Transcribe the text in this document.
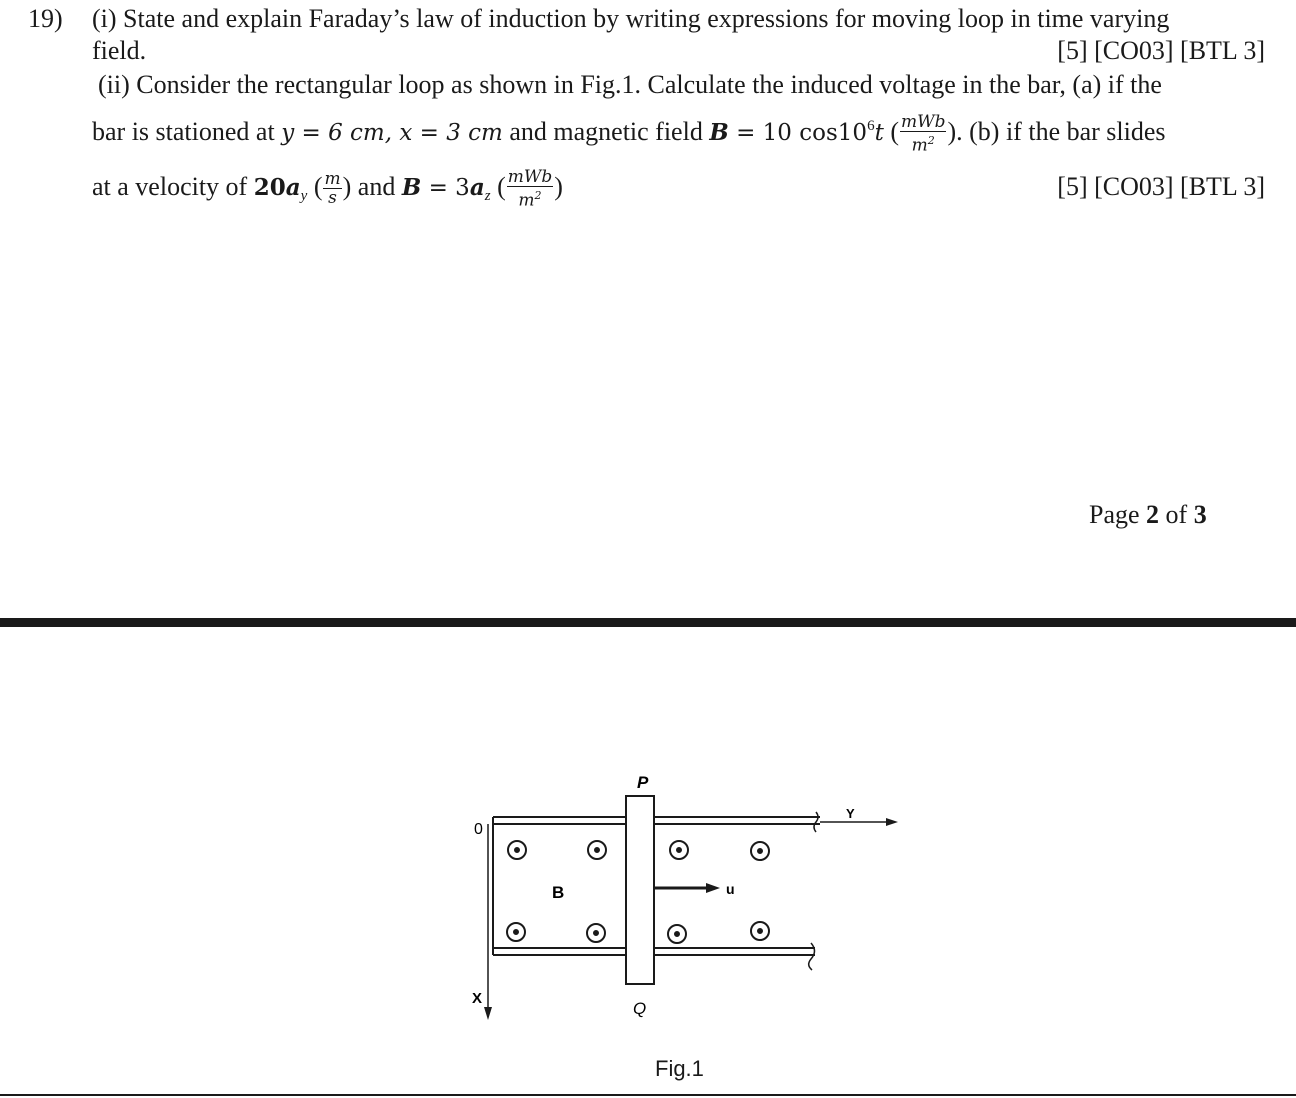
19) (i) State and explain Faraday’s law of induction by writing expressions for moving loop in time varying
field.	[5] [CO03] [BTL 3]
(ii) Consider the rectangular loop as shown in Fig.1. Calculate the induced voltage in the bar, (a) if the
bar is stationed at y = 6 cm, x = 3 cm and magnetic field B = 10 $\cos 10^6t$ ( $\frac{\text{mWb}}{m^2}$ ). (b) if the bar slides
at a velocity of $20a_y$ ( $\frac{m}{s}$ ) and $B = 3a_z$ ( $\frac{\text{mWb}}{m^2}$ )	[5] [CO03] [BTL 3]
Page 2 of 3
0
X
Y
P
Q
B	u
Fig.1
